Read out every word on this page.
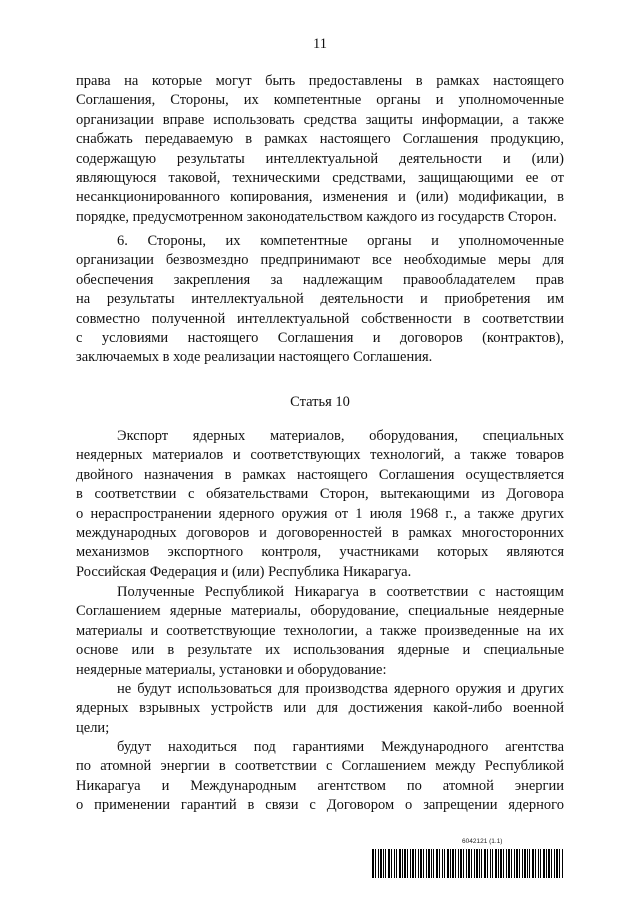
11
права на которые могут быть предоставлены в рамках настоящего
Соглашения, Стороны, их компетентные органы и уполномоченные
организации вправе использовать средства защиты информации, а также
снабжать передаваемую в рамках настоящего Соглашения продукцию,
содержащую результаты интеллектуальной деятельности и (или)
являющуюся таковой, техническими средствами, защищающими ее от
несанкционированного копирования, изменения и (или) модификации, в
порядке, предусмотренном законодательством каждого из государств Сторон.
6. Стороны, их компетентные органы и уполномоченные
организации безвозмездно предпринимают все необходимые меры для
обеспечения закрепления за надлежащим правообладателем прав
на результаты интеллектуальной деятельности и приобретения им
совместно полученной интеллектуальной собственности в соответствии
с условиями настоящего Соглашения и договоров (контрактов),
заключаемых в ходе реализации настоящего Соглашения.
Статья 10
Экспорт ядерных материалов, оборудования, специальных
неядерных материалов и соответствующих технологий, а также товаров
двойного назначения в рамках настоящего Соглашения осуществляется
в соответствии с обязательствами Сторон, вытекающими из Договора
о нераспространении ядерного оружия от 1 июля 1968 г., а также других
международных договоров и договоренностей в рамках многосторонних
механизмов экспортного контроля, участниками которых являются
Российская Федерация и (или) Республика Никарагуа.
Полученные Республикой Никарагуа в соответствии с настоящим
Соглашением ядерные материалы, оборудование, специальные неядерные
материалы и соответствующие технологии, а также произведенные на их
основе или в результате их использования ядерные и специальные
неядерные материалы, установки и оборудование:
не будут использоваться для производства ядерного оружия и других
ядерных взрывных устройств или для достижения какой-либо военной
цели;
будут находиться под гарантиями Международного агентства
по атомной энергии в соответствии с Соглашением между Республикой
Никарагуа и Международным агентством по атомной энергии
о применении гарантий в связи с Договором о запрещении ядерного
6042121 (1.1)
